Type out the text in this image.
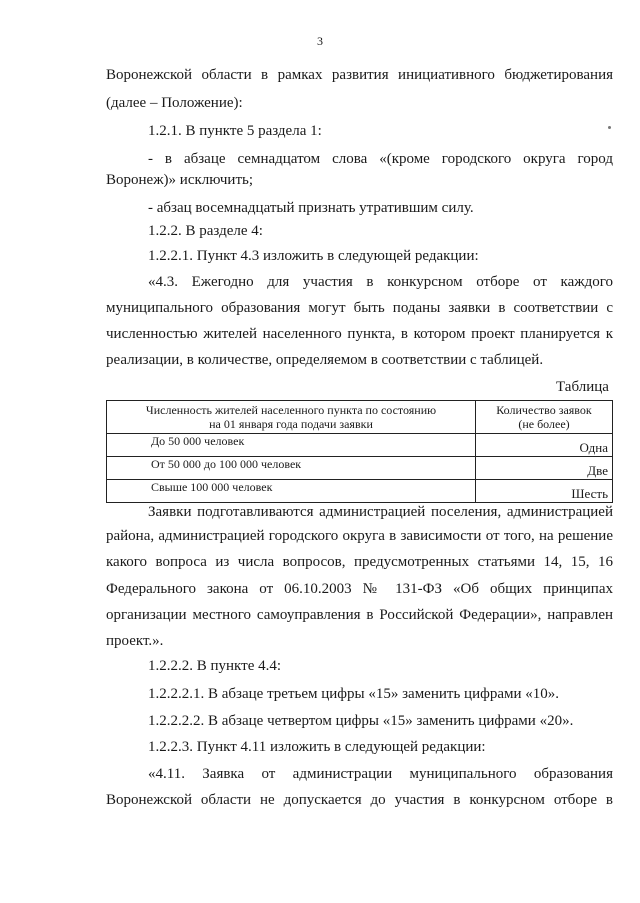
3
Воронежской области в рамках развития инициативного бюджетирования
(далее – Положение):
1.2.1. В пункте 5 раздела 1:
- в абзаце семнадцатом слова «(кроме городского округа город
Воронеж)» исключить;
- абзац восемнадцатый признать утратившим силу.
1.2.2. В разделе 4:
1.2.2.1. Пункт 4.3 изложить в следующей редакции:
«4.3. Ежегодно для участия в конкурсном отборе от каждого
муниципального образования могут быть поданы заявки в соответствии с
численностью жителей населенного пункта, в котором проект планируется к
реализации, в количестве, определяемом в соответствии с таблицей.
Таблица
Численность жителей населенного пункта по состоянию
на 01 января года подачи заявки	Количество заявок
(не более)

До 50 000 человек	Одна
От 50 000 до 100 000 человек	Две
Свыше 100 000 человек	Шесть
Заявки подготавливаются администрацией поселения, администрацией
района, администрацией городского округа в зависимости от того, на решение
какого вопроса из числа вопросов, предусмотренных статьями 14, 15, 16
Федерального закона от 06.10.2003 № 131-ФЗ «Об общих принципах
организации местного самоуправления в Российской Федерации», направлен
проект.».
1.2.2.2. В пункте 4.4:
1.2.2.2.1. В абзаце третьем цифры «15» заменить цифрами «10».
1.2.2.2.2. В абзаце четвертом цифры «15» заменить цифрами «20».
1.2.2.3. Пункт 4.11 изложить в следующей редакции:
«4.11. Заявка от администрации муниципального образования
Воронежской области не допускается до участия в конкурсном отборе в
